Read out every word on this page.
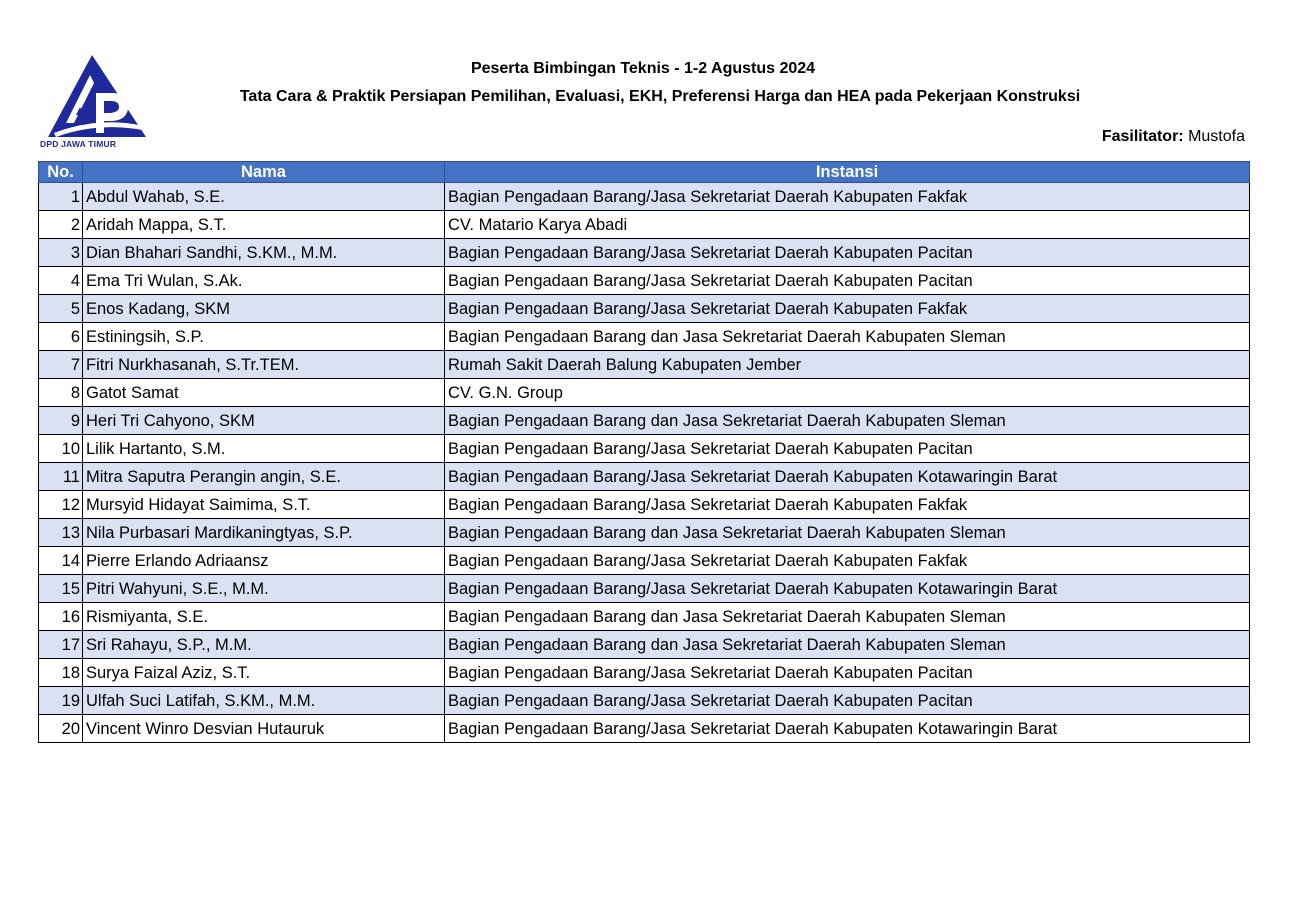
DPD JAWA TIMUR
Peserta Bimbingan Teknis - 1-2 Agustus 2024
Tata Cara & Praktik Persiapan Pemilihan, Evaluasi, EKH, Preferensi Harga dan HEA pada Pekerjaan Konstruksi
Fasilitator: Mustofa
No.	Nama	Instansi
1	Abdul Wahab, S.E.	Bagian Pengadaan Barang/Jasa Sekretariat Daerah Kabupaten Fakfak
2	Aridah Mappa, S.T.	CV. Matario Karya Abadi
3	Dian Bhahari Sandhi, S.KM., M.M.	Bagian Pengadaan Barang/Jasa Sekretariat Daerah Kabupaten Pacitan
4	Ema Tri Wulan, S.Ak.	Bagian Pengadaan Barang/Jasa Sekretariat Daerah Kabupaten Pacitan
5	Enos Kadang, SKM	Bagian Pengadaan Barang/Jasa Sekretariat Daerah Kabupaten Fakfak
6	Estiningsih, S.P.	Bagian Pengadaan Barang dan Jasa Sekretariat Daerah Kabupaten Sleman
7	Fitri Nurkhasanah, S.Tr.TEM.	Rumah Sakit Daerah Balung Kabupaten Jember
8	Gatot Samat	CV. G.N. Group
9	Heri Tri Cahyono, SKM	Bagian Pengadaan Barang dan Jasa Sekretariat Daerah Kabupaten Sleman
10	Lilik Hartanto, S.M.	Bagian Pengadaan Barang/Jasa Sekretariat Daerah Kabupaten Pacitan
11	Mitra Saputra Perangin angin, S.E.	Bagian Pengadaan Barang/Jasa Sekretariat Daerah Kabupaten Kotawaringin Barat
12	Mursyid Hidayat Saimima, S.T.	Bagian Pengadaan Barang/Jasa Sekretariat Daerah Kabupaten Fakfak
13	Nila Purbasari Mardikaningtyas, S.P.	Bagian Pengadaan Barang dan Jasa Sekretariat Daerah Kabupaten Sleman
14	Pierre Erlando Adriaansz	Bagian Pengadaan Barang/Jasa Sekretariat Daerah Kabupaten Fakfak
15	Pitri Wahyuni, S.E., M.M.	Bagian Pengadaan Barang/Jasa Sekretariat Daerah Kabupaten Kotawaringin Barat
16	Rismiyanta, S.E.	Bagian Pengadaan Barang dan Jasa Sekretariat Daerah Kabupaten Sleman
17	Sri Rahayu, S.P., M.M.	Bagian Pengadaan Barang dan Jasa Sekretariat Daerah Kabupaten Sleman
18	Surya Faizal Aziz, S.T.	Bagian Pengadaan Barang/Jasa Sekretariat Daerah Kabupaten Pacitan
19	Ulfah Suci Latifah, S.KM., M.M.	Bagian Pengadaan Barang/Jasa Sekretariat Daerah Kabupaten Pacitan
20	Vincent Winro Desvian Hutauruk	Bagian Pengadaan Barang/Jasa Sekretariat Daerah Kabupaten Kotawaringin Barat
